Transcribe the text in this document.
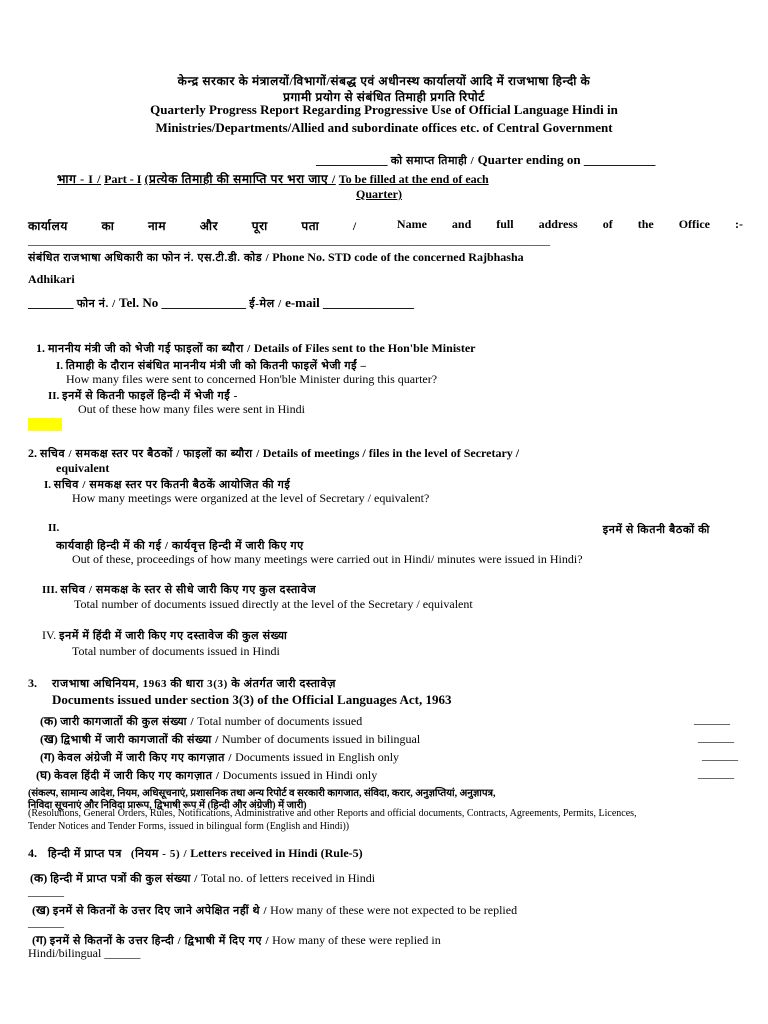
केन्द्र सरकार के मंत्रालयों/विभागों/संबद्ध एवं अधीनस्थ कार्यालयों आदि में राजभाषा हिन्दी के
प्रगामी प्रयोग से संबंधित तिमाही प्रगति रिपोर्ट
Quarterly Progress Report Regarding Progressive Use of Official Language Hindi in
Ministries/Departments/Allied and subordinate offices etc. of Central Government
___________ को समाप्त तिमाही / Quarter ending on ___________
भाग - I / Part - I (प्रत्येक तिमाही की समाप्ति पर भरा जाए / To be filled at the end of each
Quarter)
कार्यालय का नाम और पूरा पता /	Name and full address of the Office :-
_______________________________________________________________________________________
संबंधित राजभाषा अधिकारी का फोन नं. एस.टी.डी. कोड / Phone No. STD code of the concerned Rajbhasha
Adhikari
_______ फोन नं. / Tel. No _____________ ई-मेल / e-mail ______________
1. माननीय मंत्री जी को भेजी गई फाइलों का ब्यौरा / Details of Files sent to the Hon'ble Minister
I. तिमाही के दौरान संबंधित माननीय मंत्री जी को कितनी फाइलें भेजी गईं –
How many files were sent to concerned Hon'ble Minister during this quarter?
II. इनमें से कितनी फाइलें हिन्दी में भेजी गईं -
Out of these how many files were sent in Hindi
2. सचिव / समकक्ष स्तर पर बैठकों / फाइलों का ब्यौरा / Details of meetings / files in the level of Secretary /
equivalent
I. सचिव / समकक्ष स्तर पर कितनी बैठकें आयोजित की गई
How many meetings were organized at the level of Secretary / equivalent?
II.	इनमें से कितनी बैठकों की
कार्यवाही हिन्दी में की गई / कार्यवृत्त हिन्दी में जारी किए गए
Out of these, proceedings of how many meetings were carried out in Hindi/ minutes were issued in Hindi?
III. सचिव / समकक्ष के स्तर से सीधे जारी किए गए कुल दस्तावेज
Total number of documents issued directly at the level of the Secretary / equivalent
IV. इनमें में हिंदी में जारी किए गए दस्तावेज की कुल संख्या
Total number of documents issued in Hindi
3. राजभाषा अधिनियम, 1963 की धारा 3(3) के अंतर्गत जारी दस्तावेज़
Documents issued under section 3(3) of the Official Languages Act, 1963
(क) जारी कागजातों की कुल संख्या / Total number of documents issued	______
(ख) द्विभाषी में जारी कागजातों की संख्या / Number of documents issued in bilingual	______
(ग) केवल अंग्रेजी में जारी किए गए कागज़ात / Documents issued in English only	______
(घ) केवल हिंदी में जारी किए गए कागज़ात / Documents issued in Hindi only	______
(संकल्प, सामान्य आदेश, नियम, अधिसूचनाएं, प्रशासनिक तथा अन्य रिपोर्ट व सरकारी कागजात, संविदा, करार, अनुज्ञप्तियां, अनुज्ञापत्र,
निविदा सूचनाएं और निविदा प्रारूप, द्विभाषी रूप में (हिन्दी और अंग्रेजी) में जारी)
(Resolutions, General Orders, Rules, Notifications, Administrative and other Reports and official documents, Contracts, Agreements, Permits, Licences,
Tender Notices and Tender Forms, issued in bilingual form (English and Hindi))
4. हिन्दी में प्राप्त पत्र (नियम - 5) / Letters received in Hindi (Rule-5)
(क) हिन्दी में प्राप्त पत्रों की कुल संख्या / Total no. of letters received in Hindi
______
(ख) इनमें से कितनों के उत्तर दिए जाने अपेक्षित नहीं थे / How many of these were not expected to be replied
______
(ग) इनमें से कितनों के उत्तर हिन्दी / द्विभाषी में दिए गए / How many of these were replied in
Hindi/bilingual ______
